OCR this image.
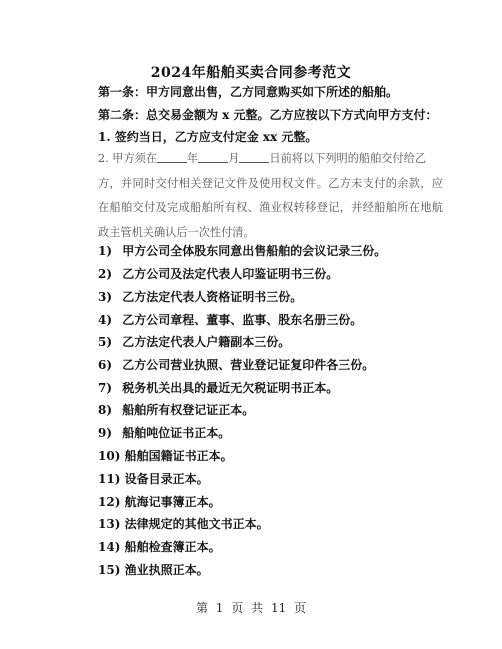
2024年船舶买卖合同参考范文
第一条：甲方同意出售，乙方同意购买如下所述的船舶。
第二条：总交易金额为 x 元整。乙方应按以下方式向甲方支付：
1. 签约当日，乙方应支付定金 xx 元整。
2. 甲方须在	年	月	日前将以下列明的船舶交付给乙
方，并同时交付相关登记文件及使用权文件。乙方未支付的余款，应在船舶交付及完成船舶所有权、渔业权转移登记，并经船舶所在地航政主管机关确认后一次性付清。
1) 甲方公司全体股东同意出售船舶的会议记录三份。
2) 乙方公司及法定代表人印鉴证明书三份。
3) 乙方法定代表人资格证明书三份。
4) 乙方公司章程、董事、监事、股东名册三份。
5) 乙方法定代表人户籍副本三份。
6) 乙方公司营业执照、营业登记证复印件各三份。
7) 税务机关出具的最近无欠税证明书正本。
8) 船舶所有权登记证正本。
9) 船舶吨位证书正本。
10) 船舶国籍证书正本。
11) 设备目录正本。
12) 航海记事簿正本。
13) 法律规定的其他文书正本。
14) 船舶检查簿正本。
15) 渔业执照正本。
第 1 页 共 11 页
